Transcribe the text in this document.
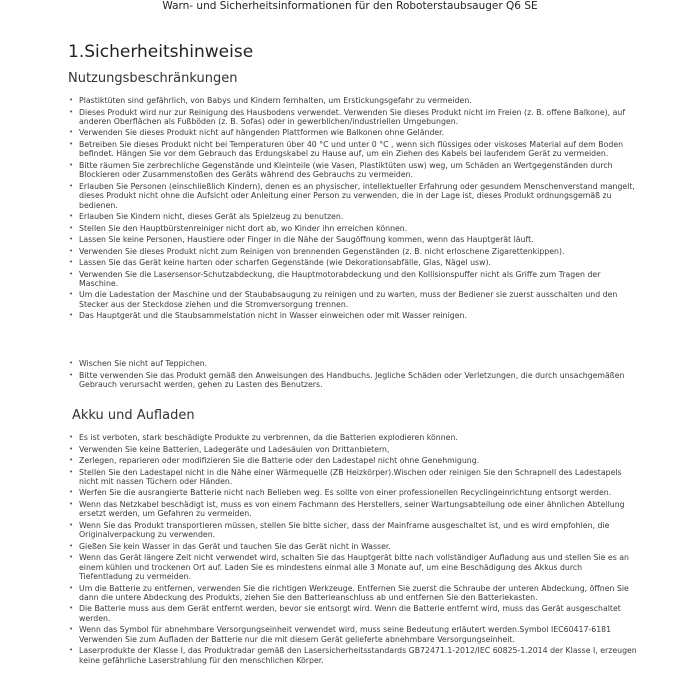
Warn- und Sicherheitsinformationen für den Roboterstaubsauger Q6 SE
1.Sicherheitshinweise
Nutzungsbeschränkungen
• Plastiktüten sind gefährlich, von Babys und Kindern fernhalten, um Erstickungsgefahr zu vermeiden.
• Dieses Produkt wird nur zur Reinigung des Hausbodens verwendet. Verwenden Sie dieses Produkt nicht im Freien (z. B. offene Balkone), auf anderen Oberflächen als Fußböden (z. B. Sofas) oder in gewerblichen/industriellen Umgebungen.
• Verwenden Sie dieses Produkt nicht auf hängenden Plattformen wie Balkonen ohne Geländer.
• Betreiben Sie dieses Produkt nicht bei Temperaturen über 40 °C und unter 0 °C , wenn sich flüssiges oder viskoses Material auf dem Boden befindet. Hängen Sie vor dem Gebrauch das Erdungskabel zu Hause auf, um ein Ziehen des Kabels bei laufendem Gerät zu vermeiden.
• Bitte räumen Sie zerbrechliche Gegenstände und Kleinteile (wie Vasen, Plastiktüten usw) weg, um Schäden an Wertgegenständen durch Blockieren oder Zusammenstoßen des Geräts während des Gebrauchs zu vermeiden.
• Erlauben Sie Personen (einschließlich Kindern), denen es an physischer, intellektueller Erfahrung oder gesundem Menschenverstand mangelt, dieses Produkt nicht ohne die Aufsicht oder Anleitung einer Person zu verwenden, die in der Lage ist, dieses Produkt ordnungsgemäß zu bedienen.
• Erlauben Sie Kindern nicht, dieses Gerät als Spielzeug zu benutzen.
• Stellen Sie den Hauptbürstenreiniger nicht dort ab, wo Kinder ihn erreichen können.
• Lassen Sie keine Personen, Haustiere oder Finger in die Nähe der Saugöffnung kommen, wenn das Hauptgerät läuft.
• Verwenden Sie dieses Produkt nicht zum Reinigen von brennenden Gegenständen (z. B. nicht erloschene Zigarettenkippen).
• Lassen Sie das Gerät keine harten oder scharfen Gegenstände (wie Dekorationsabfälle, Glas, Nägel usw).
• Verwenden Sie die Lasersensor-Schutzabdeckung, die Hauptmotorabdeckung und den Kollisionspuffer nicht als Griffe zum Tragen der Maschine.
• Um die Ladestation der Maschine und der Staubabsaugung zu reinigen und zu warten, muss der Bediener sie zuerst ausschalten und den Stecker aus der Steckdose ziehen und die Stromversorgung trennen.
• Das Hauptgerät und die Staubsammelstation nicht in Wasser einweichen oder mit Wasser reinigen.
• Wischen Sie nicht auf Teppichen.
• Bitte verwenden Sie das Produkt gemäß den Anweisungen des Handbuchs. Jegliche Schäden oder Verletzungen, die durch unsachgemäßen Gebrauch verursacht werden, gehen zu Lasten des Benutzers.
Akku und Aufladen
• Es ist verboten, stark beschädigte Produkte zu verbrennen, da die Batterien explodieren können.
• Verwenden Sie keine Batterien, Ladegeräte und Ladesäulen von Drittanbietern,
• Zerlegen, reparieren oder modifizieren Sie die Batterie oder den Ladestapel nicht ohne Genehmigung.
• Stellen Sie den Ladestapel nicht in die Nähe einer Wärmequelle (ZB Heizkörper).Wischen oder reinigen Sie den Schrapnell des Ladestapels nicht mit nassen Tüchern oder Händen.
• Werfen Sie die ausrangierte Batterie nicht nach Belieben weg. Es sollte von einer professionellen Recyclingeinrichtung entsorgt werden.
• Wenn das Netzkabel beschädigt ist, muss es von einem Fachmann des Herstellers, seiner Wartungsabteilung ode einer ähnlichen Abteilung ersetzt werden, um Gefahren zu vermeiden.
• Wenn Sie das Produkt transportieren müssen, stellen Sie bitte sicher, dass der Mainframe ausgeschaltet ist, und es wird empfohlen, die Originalverpackung zu verwenden.
• Gießen Sie kein Wasser in das Gerät und tauchen Sie das Gerät nicht in Wasser.
• Wenn das Gerät längere Zeit nicht verwendet wird, schalten Sie das Hauptgerät bitte nach vollständiger Aufladung aus und stellen Sie es an einem kühlen und trockenen Ort auf. Laden Sie es mindestens einmal alle 3 Monate auf, um eine Beschädigung des Akkus durch Tiefentladung zu vermeiden.
• Um die Batterie zu entfernen, verwenden Sie die richtigen Werkzeuge. Entfernen Sie zuerst die Schraube der unteren Abdeckung, öffnen Sie dann die untere Abdeckung des Produkts, ziehen Sie den Batterieanschluss ab und entfernen Sie den Batteriekasten.
• Die Batterie muss aus dem Gerät entfernt werden, bevor sie entsorgt wird. Wenn die Batterie entfernt wird, muss das Gerät ausgeschaltet werden.
• Wenn das Symbol für abnehmbare Versorgungseinheit verwendet wird, muss seine Bedeutung erläutert werden.Symbol IEC60417-6181 Verwenden Sie zum Aufladen der Batterie nur die mit diesem Gerät gelieferte abnehmbare Versorgungseinheit.
• Laserprodukte der Klasse I, das Produktradar gemäß den Lasersicherheitsstandards GB72471.1-2012/IEC 60825-1.2014 der Klasse I, erzeugen keine gefährliche Laserstrahlung für den menschlichen Körper.
